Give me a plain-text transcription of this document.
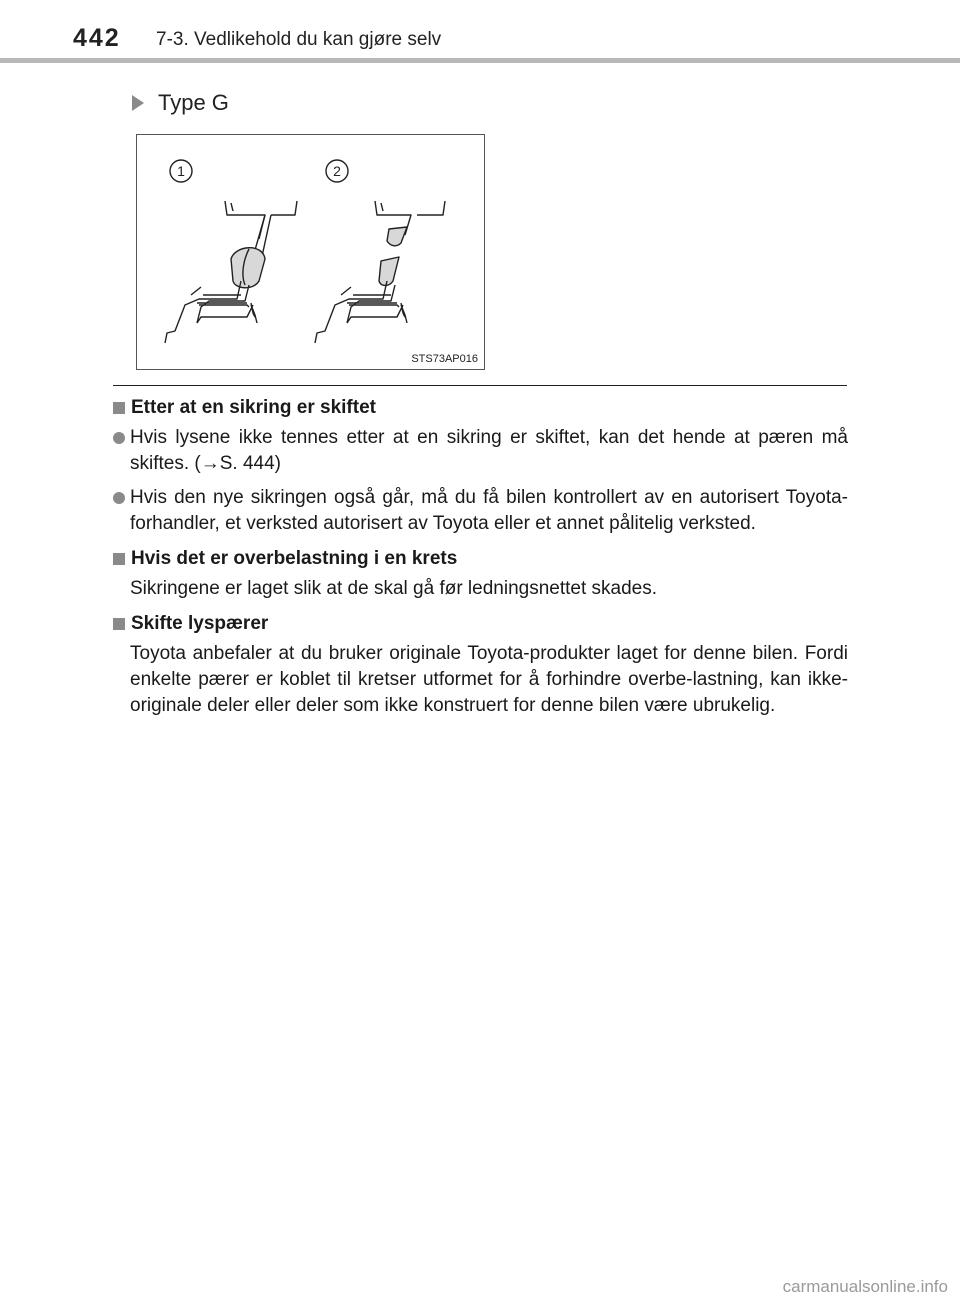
442 7-3. Vedlikehold du kan gjøre selv
Type G
1	2
STS73AP016
Etter at en sikring er skiftet
Hvis lysene ikke tennes etter at en sikring er skiftet, kan det hende at pæren må skiftes. (→S. 444)
Hvis den nye sikringen også går, må du få bilen kontrollert av en autorisert Toyota-forhandler, et verksted autorisert av Toyota eller et annet pålitelig verksted.
Hvis det er overbelastning i en krets
Sikringene er laget slik at de skal gå før ledningsnettet skades.
Skifte lyspærer
Toyota anbefaler at du bruker originale Toyota-produkter laget for denne bilen. Fordi enkelte pærer er koblet til kretser utformet for å forhindre overbe-lastning, kan ikke-originale deler eller deler som ikke konstruert for denne bilen være ubrukelig.
carmanualsonline.info
